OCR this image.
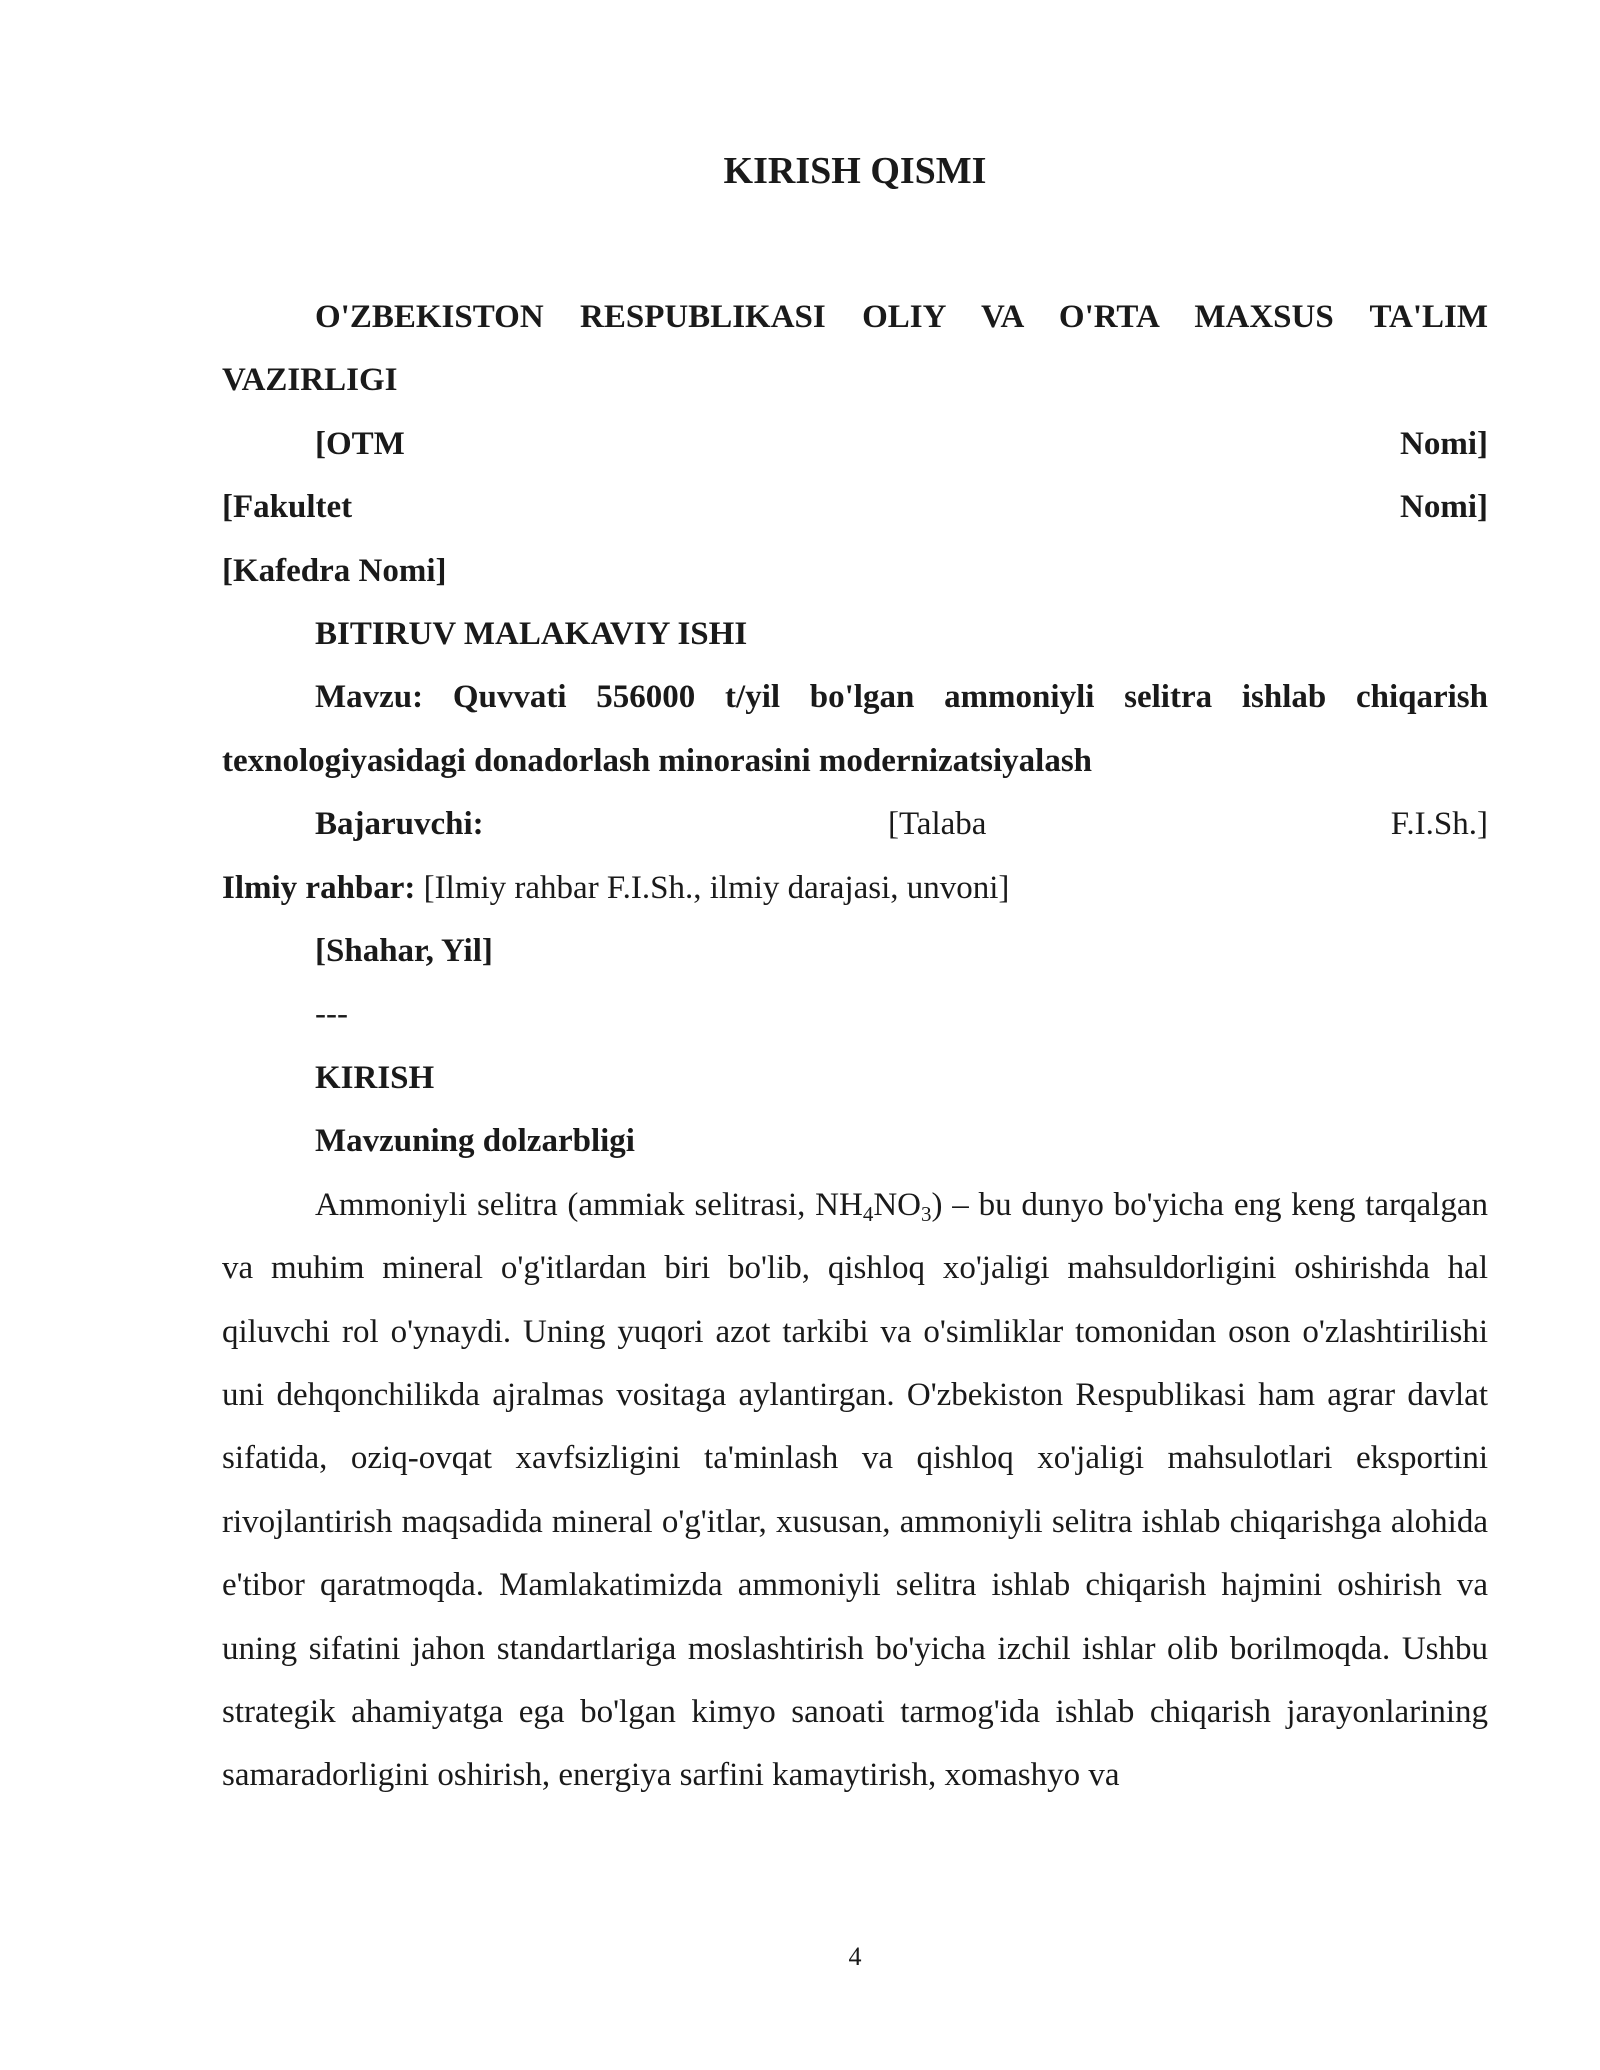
KIRISH QISMI

O'ZBEKISTON RESPUBLIKASI OLIY VA O'RTA MAXSUS TA'LIM VAZIRLIGI

[OTM Nomi]

[Fakultet Nomi]

[Kafedra Nomi]

BITIRUV MALAKAVIY ISHI

Mavzu: Quvvati 556000 t/yil bo'lgan ammoniyli selitra ishlab chiqarish texnologiyasidagi donadorlash minorasini modernizatsiyalash

Bajaruvchi:	[Talaba F.I.Sh.]

Ilmiy rahbar: [Ilmiy rahbar F.I.Sh., ilmiy darajasi, unvoni]

[Shahar, Yil]

---

KIRISH

Mavzuning dolzarbligi

Ammoniyli selitra (ammiak selitrasi, $NH_4NO_3$) – bu dunyo bo'yicha eng keng tarqalgan va muhim mineral o'g'itlardan biri bo'lib, qishloq xo'jaligi mahsuldorligini oshirishda hal qiluvchi rol o'ynaydi. Uning yuqori azot tarkibi va o'simliklar tomonidan oson o'zlashtirilishi uni dehqonchilikda ajralmas vositaga aylantirgan. O'zbekiston Respublikasi ham agrar davlat sifatida, oziq-ovqat xavfsizligini ta'minlash va qishloq xo'jaligi mahsulotlari eksportini rivojlantirish maqsadida mineral o'g'itlar, xususan, ammoniyli selitra ishlab chiqarishga alohida e'tibor qaratmoqda. Mamlakatimizda ammoniyli selitra ishlab chiqarish hajmini oshirish va uning sifatini jahon standartlariga moslashtirish bo'yicha izchil ishlar olib borilmoqda. Ushbu strategik ahamiyatga ega bo'lgan kimyo sanoati tarmog'ida ishlab chiqarish jarayonlarining samaradorligini oshirish, energiya sarfini kamaytirish, xomashyo va

4
